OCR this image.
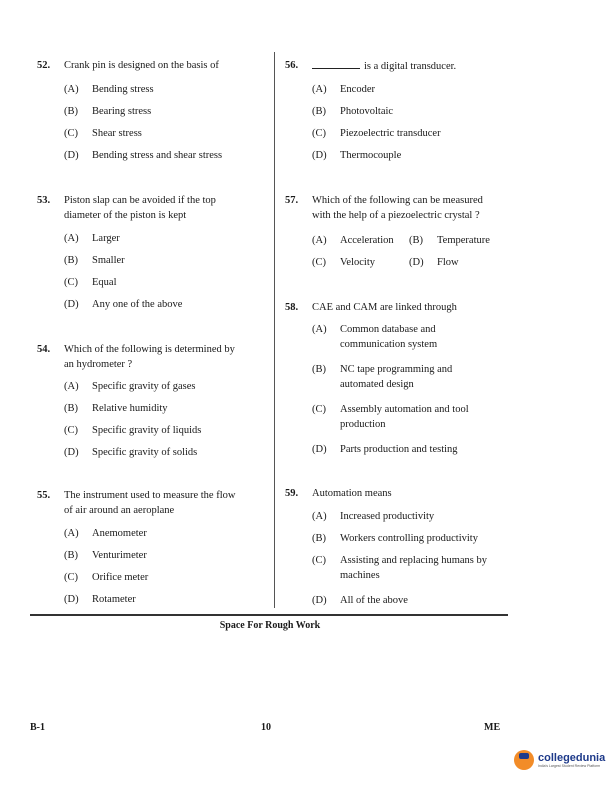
52. Crank pin is designed on the basis of
(A) Bending stress
(B) Bearing stress
(C) Shear stress
(D) Bending stress and shear stress
53. Piston slap can be avoided if the top
diameter of the piston is kept
(A) Larger
(B) Smaller
(C) Equal
(D) Any one of the above
54. Which of the following is determined by
an hydrometer ?
(A) Specific gravity of gases
(B) Relative humidity
(C) Specific gravity of liquids
(D) Specific gravity of solids
55. The instrument used to measure the flow
of air around an aeroplane
(A) Anemometer
(B) Venturimeter
(C) Orifice meter
(D) Rotameter
56.	is a digital transducer.
(A) Encoder
(B) Photovoltaic
(C) Piezoelectric transducer
(D) Thermocouple
57. Which of the following can be measured
with the help of a piezoelectric crystal ?
(A) Acceleration (B) Temperature
(C) Velocity	(D) Flow
58. CAE and CAM are linked through
(A) Common database and
communication system
(B) NC tape programming and
automated design
(C) Assembly automation and tool
production
(D) Parts production and testing
59. Automation means
(A) Increased productivity
(B) Workers controlling productivity
(C) Assisting and replacing humans by
machines
(D) All of the above
Space For Rough Work
B-1	10	ME
collegedunia
India's Largest Student Review Platform
